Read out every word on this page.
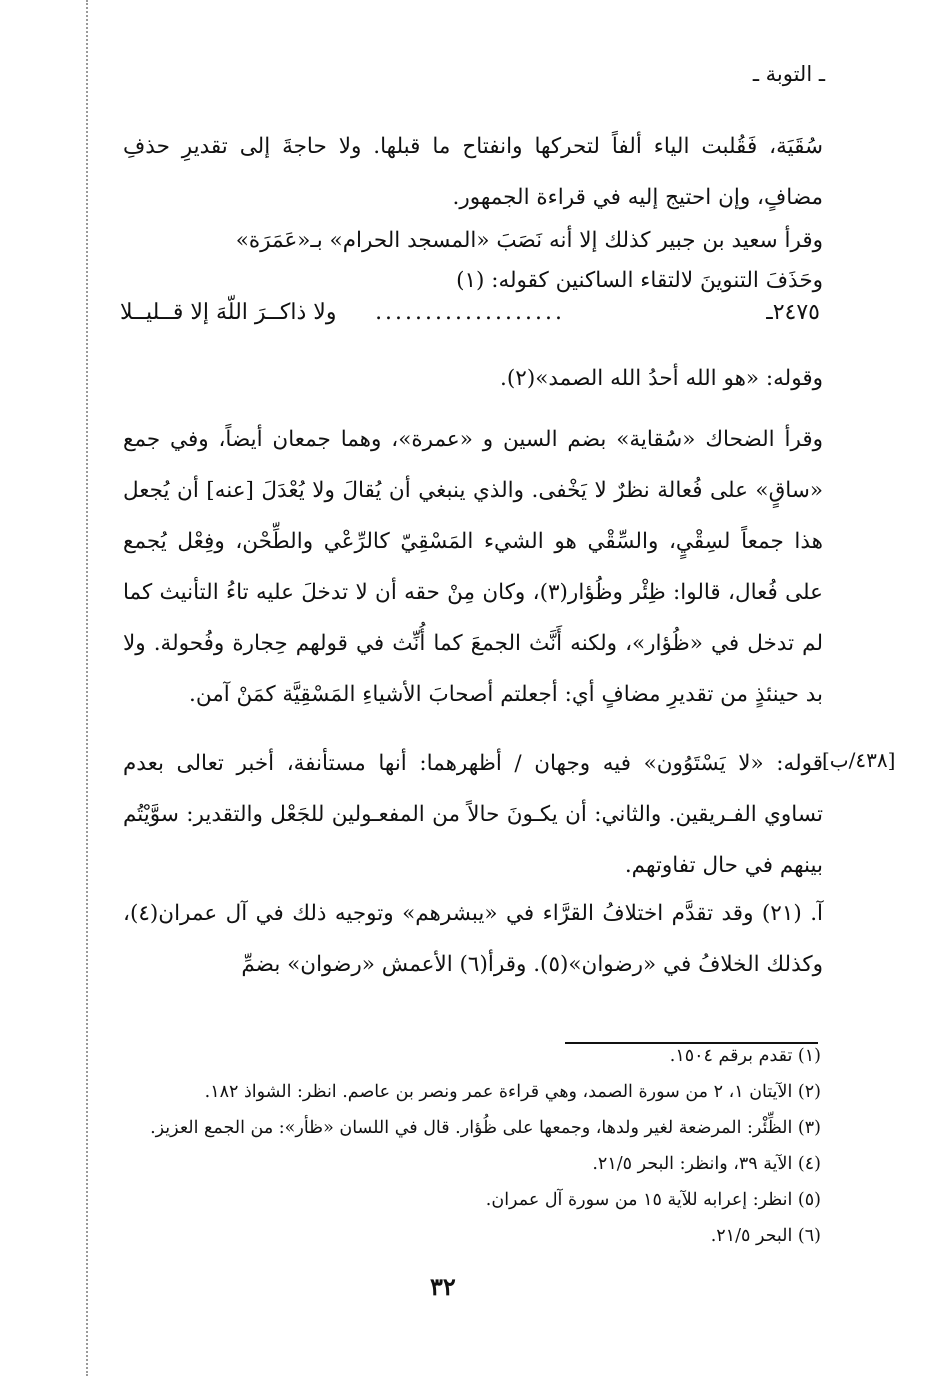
ـ التوبة ـ

سُقَيَة، فَقُلبت الياء ألفاً لتحركها وانفتاح ما قبلها. ولا حاجةَ إلى تقديرِ حذفِ مضافٍ، وإن احتيج إليه في قراءة الجمهور.

وقرأ سعيد بن جبير كذلك إلا أنه نَصَبَ «المسجد الحرام» بـ«عَمَرَة»
وحَذَفَ التنوينَ لالتقاء الساكنين كقوله: (١)
٢٤٧٥ـ
...................
ولا ذاكــرَ اللّهَ إلا قــليــلا
وقوله: «هو الله أحدُ الله الصمد»(٢).

وقرأ الضحاك «سُقاية» بضم السين و «عمرة»، وهما جمعان أيضاً، وفي جمع «ساقٍ» على فُعالة نظرٌ لا يَخْفى. والذي ينبغي أن يُقالَ ولا يُعْدَلَ [عنه] أن يُجعل هذا جمعاً لسِقْيٍ، والسِّقْي هو الشيء المَسْقِيّ كالرِّعْي والطِّحْن، وفِعْل يُجمع على فُعال، قالوا: ظِئْر وظُؤار(٣)، وكان مِنْ حقه أن لا تدخلَ عليه تاءُ التأنيث كما لم تدخل في «ظُؤار»، ولكنه أَنَّث الجمعَ كما أُنِّث في قولهم حِجارة وفُحولة. ولا بد حينئذٍ من تقديرِ مضافٍ أي: أجعلتم أصحابَ الأشياءِ المَسْقِيَّة كمَنْ آمن.

[٤٣٨/ب]

قوله: «لا يَسْتَوُون» فيه وجهان / أظهرهما: أنها مستأنفة، أخبر تعالى بعدم تساوي الفـريقين. والثاني: أن يكـونَ حالاً من المفعـولين للجَعْل والتقدير: سوَّيْتُم بينهم في حال تفاوتهم.

آ. (٢١) وقد تقدَّم اختلافُ القرَّاء في «يبشرهم» وتوجيه ذلك في آل عمران(٤)، وكذلك الخلافُ في «رضوان»(٥). وقرأ(٦) الأعمش «رضوان» بضمِّ

(١) تقدم برقم ١٥٠٤.
(٢) الآيتان ١، ٢ من سورة الصمد، وهي قراءة عمر ونصر بن عاصم. انظر: الشواذ ١٨٢.
(٣) الظِّئْر: المرضعة لغير ولدها، وجمعها على ظُؤار. قال في اللسان «ظأر»: من الجمع العزيز.
(٤) الآية ٣٩، وانظر: البحر ٢١/٥.
(٥) انظر: إعرابه للآية ١٥ من سورة آل عمران.
(٦) البحر ٢١/٥.
٣٢
